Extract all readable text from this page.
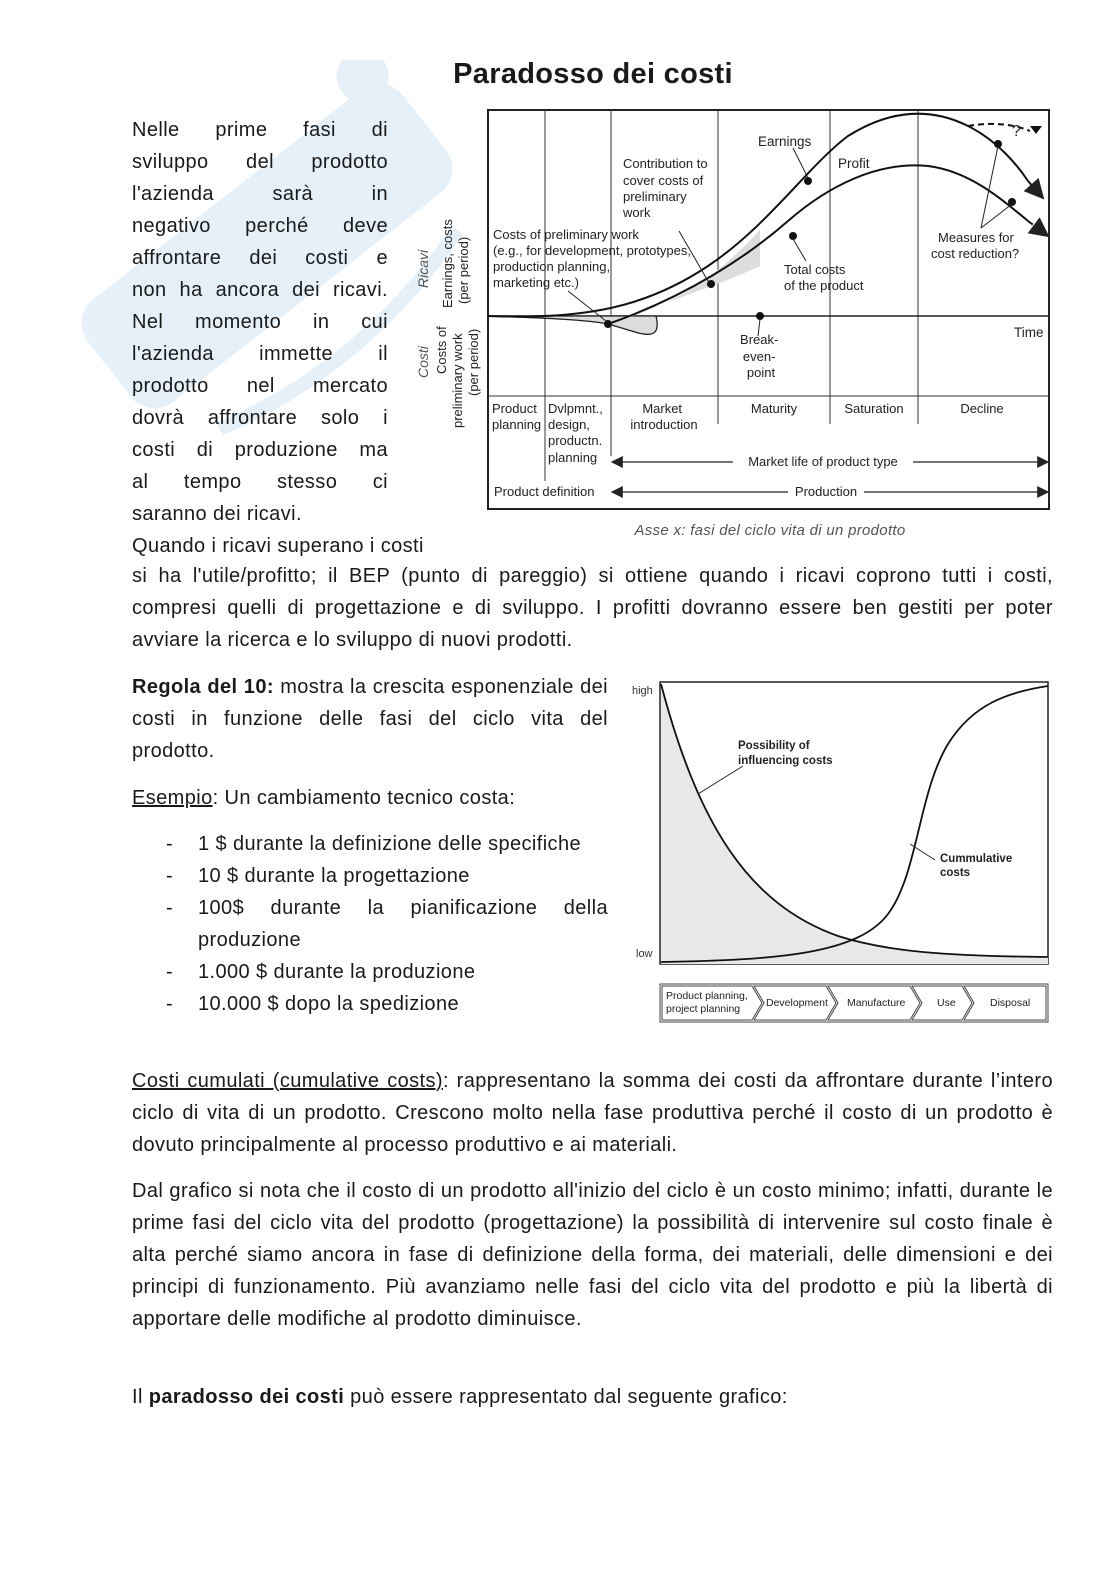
Paradosso dei costi
Nelle prime fasi di
sviluppo del prodotto
l'azienda sarà in
negativo perché deve
affrontare dei costi e
non ha ancora dei ricavi.
Nel momento in cui
l'azienda immette il
prodotto nel mercato
dovrà affrontare solo i
costi di produzione ma
al tempo stesso ci
saranno dei ricavi.
Quando i ricavi superano i costi
si ha l'utile/profitto; il BEP (punto di pareggio) si ottiene quando i ricavi coprono tutti i costi, compresi quelli di progettazione e di sviluppo. I profitti dovranno essere ben gestiti per poter avviare la ricerca e lo sviluppo di nuovi prodotti.
Ricavi
Costi
Earnings, costs (per period)
Costs of preliminary work (per period)
Earnings
Profit
?
Contribution to cover costs of preliminary work
Costs of preliminary work (e.g., for development, prototypes, production planning, marketing etc.)
Total costs of the product
Measures for cost reduction?
Break- even- point
Time
Product planning
Dvlpmnt., design, productn. planning
Market introduction
Maturity	Saturation	Decline
Market life of product type
Product definition	Production
Asse x: fasi del ciclo vita di un prodotto
Regola del 10: mostra la crescita esponenziale dei costi in funzione delle fasi del ciclo vita del prodotto.
Esempio: Un cambiamento tecnico costa:
- 1 $ durante la definizione delle specifiche
- 10 $ durante la progettazione
- 100$ durante la pianificazione della produzione
- 1.000 $ durante la produzione
- 10.000 $ dopo la spedizione
high
low
Possibility of influencing costs
Cummulative costs
Product planning, project planning	Development Manufacture	Use	Disposal
Costi cumulati (cumulative costs): rappresentano la somma dei costi da affrontare durante l’intero ciclo di vita di un prodotto. Crescono molto nella fase produttiva perché il costo di un prodotto è dovuto principalmente al processo produttivo e ai materiali.
Dal grafico si nota che il costo di un prodotto all'inizio del ciclo è un costo minimo; infatti, durante le prime fasi del ciclo vita del prodotto (progettazione) la possibilità di intervenire sul costo finale è alta perché siamo ancora in fase di definizione della forma, dei materiali, delle dimensioni e dei principi di funzionamento. Più avanziamo nelle fasi del ciclo vita del prodotto e più la libertà di apportare delle modifiche al prodotto diminuisce.
Il paradosso dei costi può essere rappresentato dal seguente grafico:
